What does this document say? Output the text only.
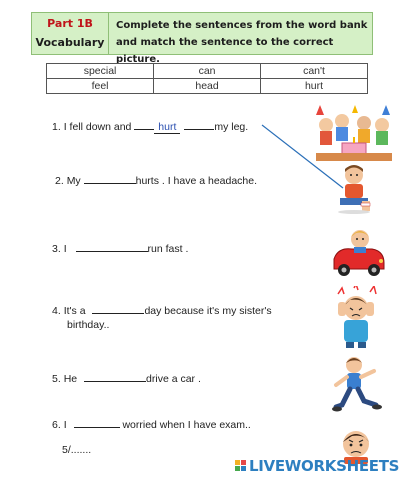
Part 1B
Vocabulary
Complete the sentences from the word bank
and match the sentence to the correct picture.
special	can	can't
feel	head	hurt
1. I fell down and hurt	my leg.
2. My	hurts . I have a headache.
3. I	run fast .
4. It's a	day because it's my sister's
birthday..
5. He	drive a car .
6. I	worried when I have exam..
5/.......
LIVEWORKSHEETS
